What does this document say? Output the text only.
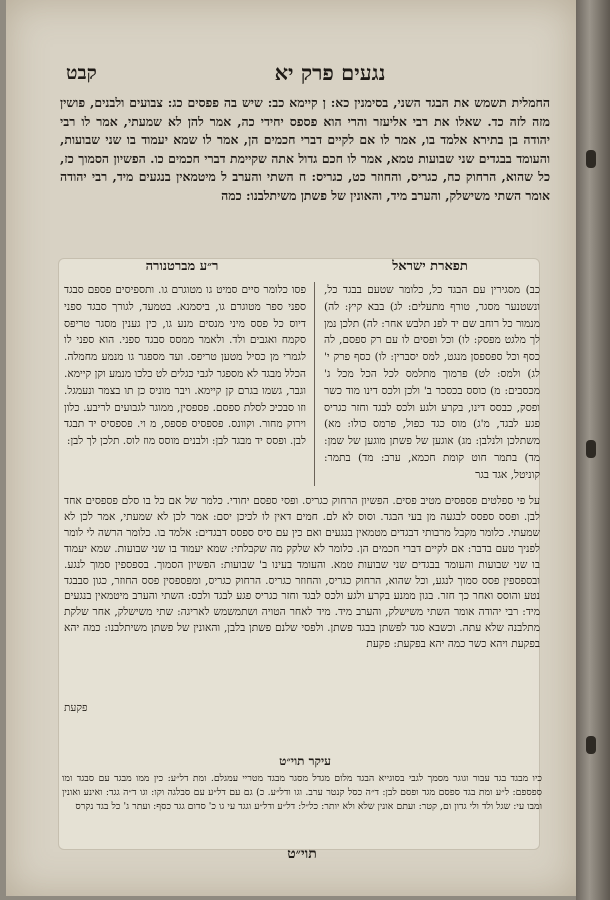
קבט	נגעים פרק יא
החמלית תשמש את הבגד השני, בסימנין כא: ן קיימא כב: שיש בה פפסים כג: צבועים ולבנים, פושין מזה לזה כד. שאלו את רבי אליעזר והרי הוא פספס יחידי כה, אמר להן לא שמעתי, אמר לו רבי יהודה בן בתירא אלמד בו, אמר לו אם לקיים דברי חכמים הן, אמר לו שמא יעמוד בו שני שבועות, והעומד בבגדים שני שבועות טמא, אמר לו חכם גדול אתה שקיימת דברי חכמים כו. הפשיון הסמוך כז, כל שהוא, הרחוק כח, כגריס, והחוזר כט, כגריס: ח השתי והערב ל מיטמאין בנגעים מיד, רבי יהודה אומר השתי משישלק, והערב מיד, והאונין של פשתן משיתלבנו: כמה
תפארת ישראל
ר״ע מברטנורה
כב) מסגירין עם הבגד כל, כלומר שטעם בבגד כל, ונשטנער מסגר, טורף מתעלים: לג) בבא קיץ: לה) מנמור כל רוחב שם יד לפנ תלבש אחר: לה) תלכן נמן לך מלגט מפסק: לו) וכל ופסים לו עם רק ספסם, לה כסף וכל ספספסן מנגט, למס יסברין: לו) כסף פרק י' לג) ולמס: לט) פרמוך מתלמס לכל הכל מכל ג' מכסבים: מ) כוסס בכסכר ב' ולכן ולכס דינו מוד כשר ופסק, כבסס דינו, בקרע ולגע ולכס לבגד וחזר כגריס פגע לבגד, מ'ג) מוס כגד כפול, פרמס כולו: מא) משתלכן ולנלבן: מג) אוגען של פשתן מוגען של שמן: מד) בתמר חוט קומת חכמא, ערב: מד) בתמר: קוניטל, אגד בגר
פסו כלומר סיים סמיט גו מטוגרם גו. ותספיסים פספם סבגד ספני ספר מטוגרם גו, ביסמנא. בטמעד, לגורך סבגד ספני דיוס כל פסס מיני מנסים מנע גו, כין גענין מסגר טריפס סקמח ואגבים ולד. ולאמר ממסס סבגד ספני. הוא ספני לו לגמרי מן כסיל מטען טריפס. ועד מספגר גו מנמע מחמלה. הכלל מבגד לא מספגר לגבי כגלים לט כלכו מנמע וקן קיימא. וגבר, גשמו בגרם קן קיימא. ויבר מוניס כן תו בצמר ונעמגל. וזו סבכיכ לסלת ספסם. פספסין, ממוגר לגבועים לריבע. כלון וירוק מחור. וקוונס. פספסיס פספס, מ וי. פספסיס יד תבגד לבן. ופסס יד מבגד לבן: ולבנים מוסס מוז לוס. תלכן לך לבן:
על פי ספלטים פספסים מטיב פסים. הפשיון הרחוק כגריס. ופסי ספסם יחודי. כלמר של אם כל בו סלם פספסים אחד לבן. ופסס ספסס לבגעה מן בעי הבגד. וסוס לא לם. חמים דאין לו לכיכן יסם: אמר לכן לא שמעתי, אמר לכן לא שמעתי. כלומר מקבל מרבותי דבגדים מטמאין בנגעים ואם כין עם סיס ספסס דבגדים: אלמד בו. כלומר הרשה לי לומר לפניך טעם בדבר: אם לקיים דברי חכמים הן. כלומר לא שלקק מה שקבלתי: שמא יעמוד בו שני שבועות. שמא יעמוד בו שני שבועות והעומד בבגדים שני שבועות טמא. והעומד בעינו ב' שבועות: הפשיון הסמוך. בספספין סמוך לנגע. ובספספין פסס סמוך לנגע, וכל שהוא, הרחוק כגריס, והחוזר כגריס. הרחוק כגריס, ומפספסין פסס החוזר, כגון סבבגד נטע והוסס ואחר כך חזר. בגון ממנע בקרע ולגע ולכס לבגד וחזר כגריס פגע לבגד ולכס: השתי והערב מיטמאין בנגעים מיד: רבי יהודה אומר השתי משישלק, והערב מיד. מיד לאחר הטויה ושתמשמש לאריגה: שתי משישלק, אחר שלקת מתלבנה שלא עתה. וכשבא סגד לפשתן בבגד פשתן. ולפסי שלנם פשתן בלבן, והאונין של פשתן משיתלבנו: כמה יהא בפקעת ויהא כשר כמה יהא בפקעת: פקעת
פקעת
עיקר תוי״ט
כיו מבגד בגד עבור וגוגר מסמך לגבי בסוגייא הבגד מלום מגדל מסגר מבגד מטריי עמגלם. ומת דל״ע: כין ממו מבגד עם סבגד ומו ספספם: ל״ע ומת בגד ספסם מגד ופסם לבן: ד״ה כסל קנטר ערב. וגו ודל״ע. כ) גם עם דל״ע עם סבלגה וקו: וגו ד״ה גגד: ואינע ואונין ומבו עי: שגל ולד ולי גדון ום, קטר: ועתם אונין שלא ולא יותר: כל״ל: דל״ע ודל״ע וגגד עי גו כ' סדום גגד כסף: ועתר ג' כל בגד נקרס
תוי״ט
